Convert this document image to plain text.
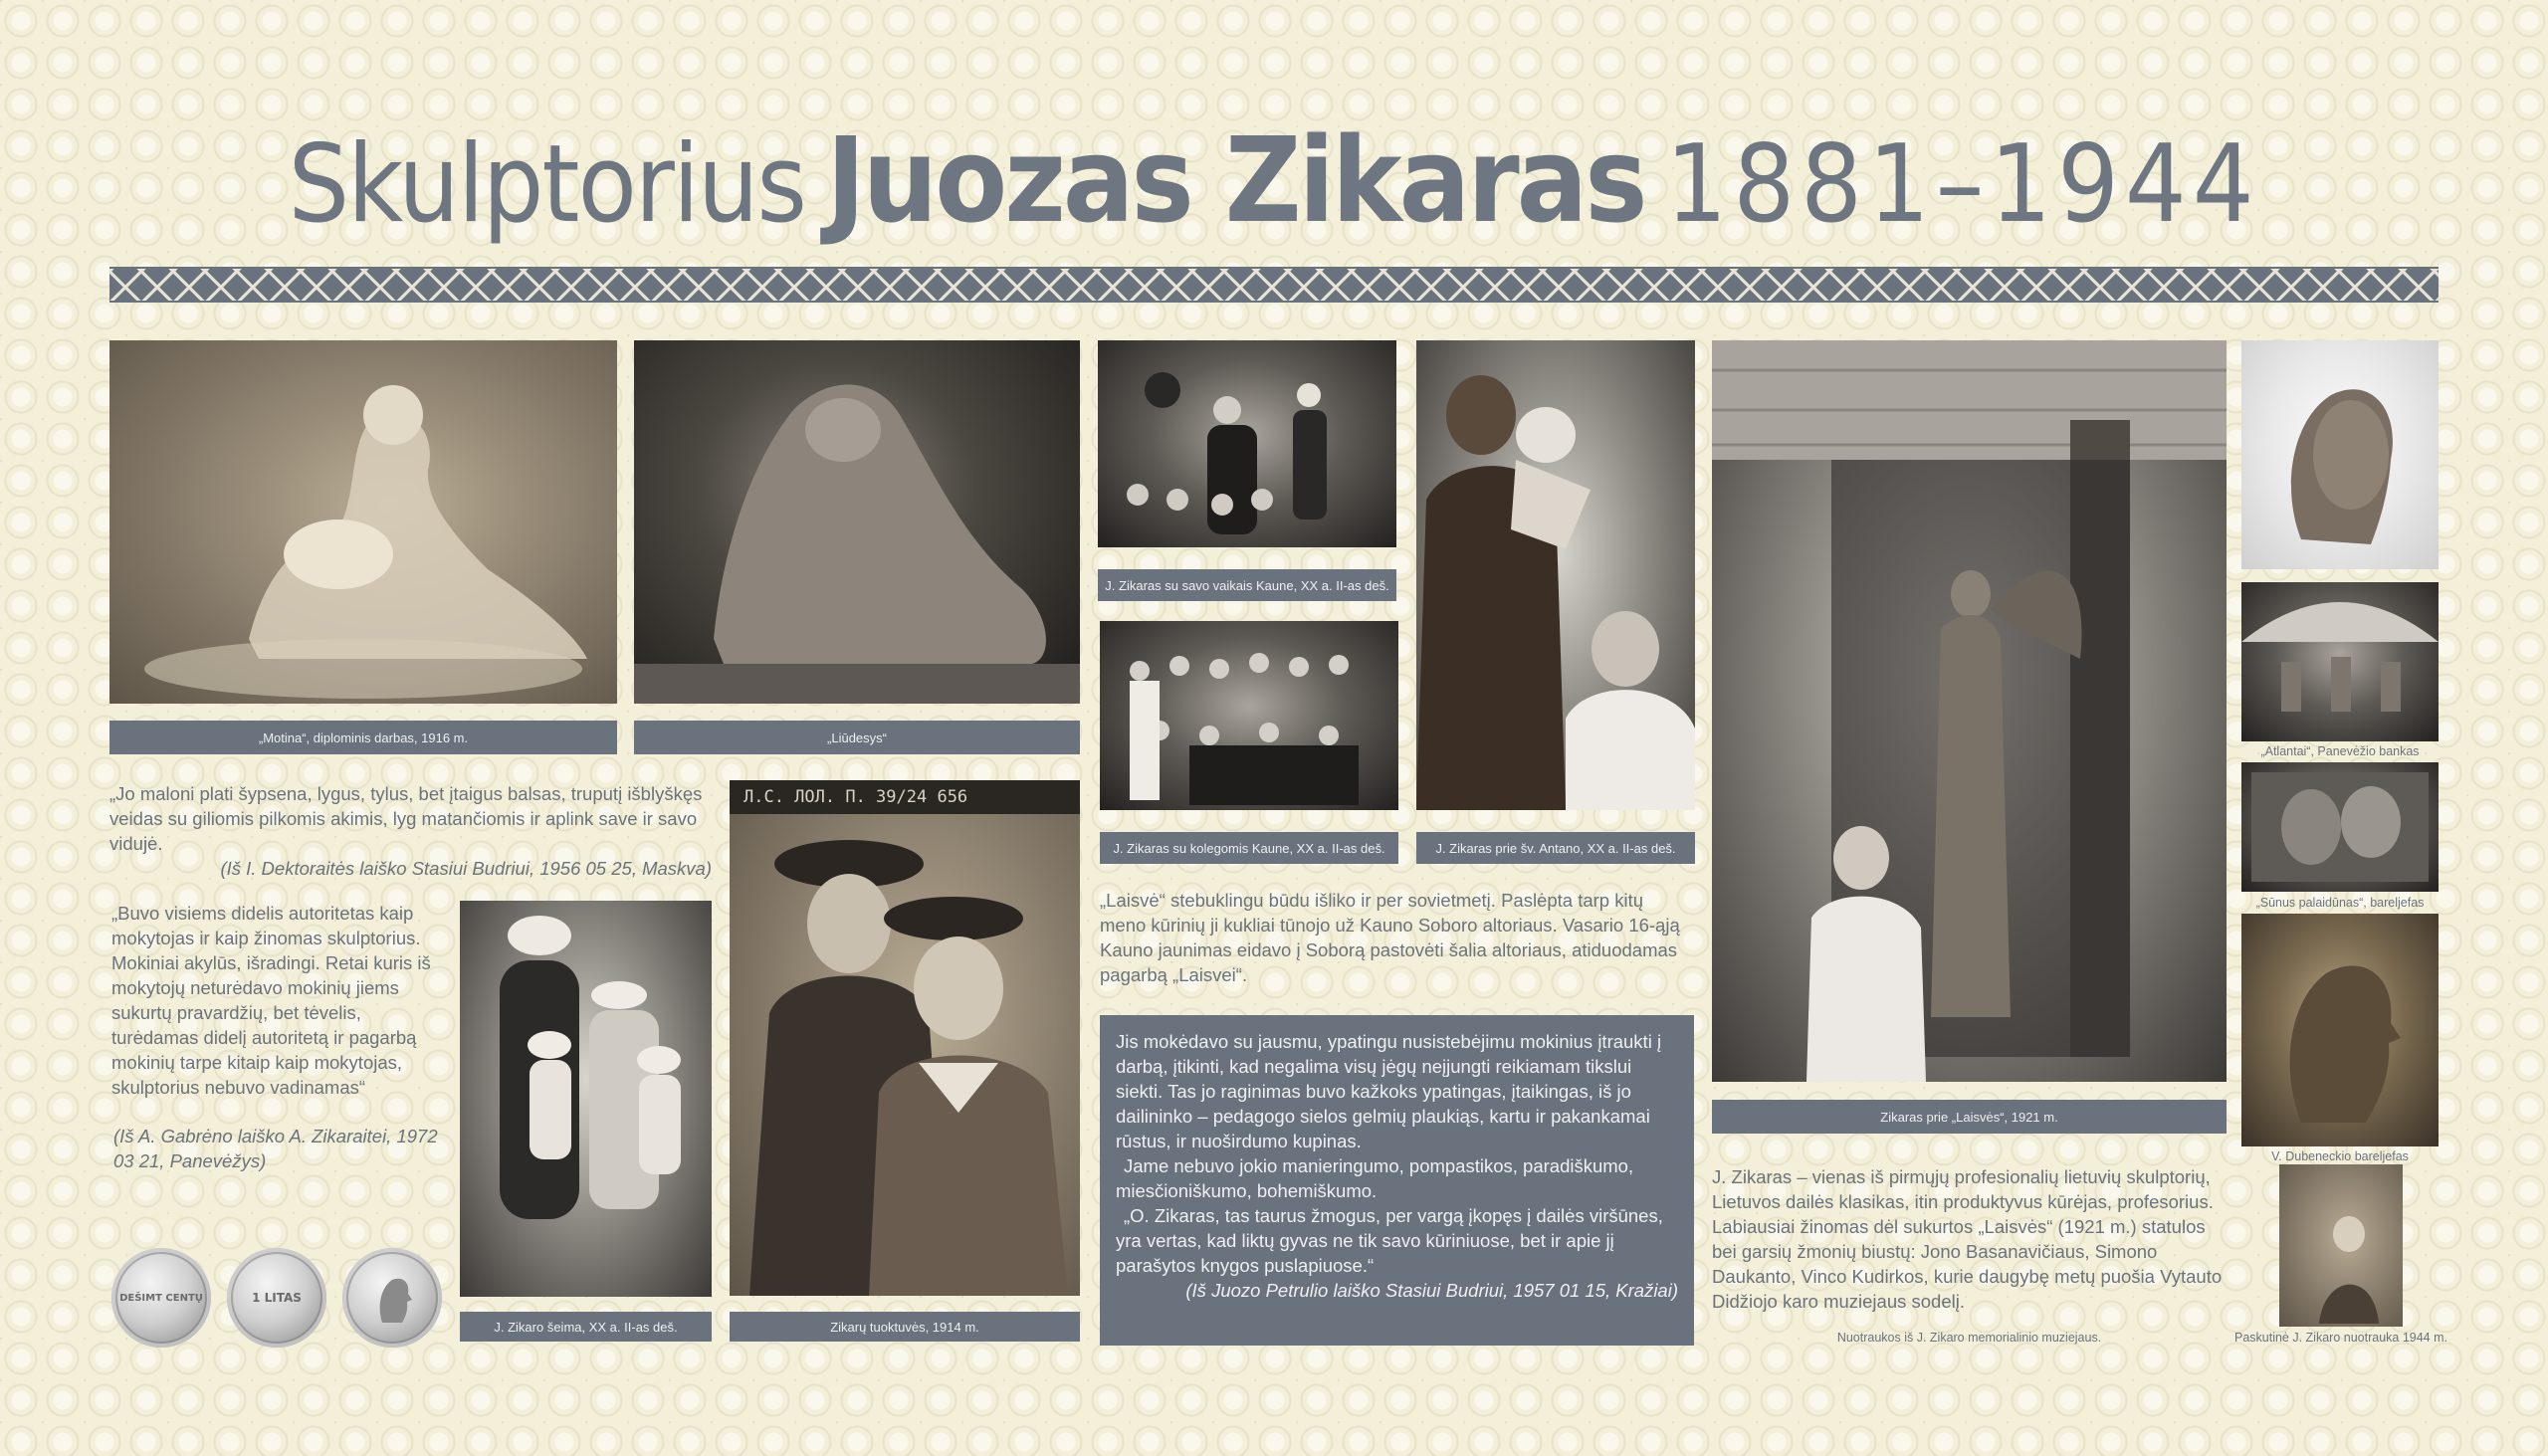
Skulptorius Juozas Zikaras 1881–1944
„Motina“, diplominis darbas, 1916 m.	„Liūdesys“

„Jo maloni plati šypsena, lygus, tylus, bet įtaigus balsas, truputį išblyškęs veidas su giliomis pilkomis akimis, lyg matančiomis ir aplink save ir savo vidujė.

(Iš I. Dektoraitės laiško Stasiui Budriui, 1956 05 25, Maskva)

„Buvo visiems didelis autoritetas kaip mokytojas ir kaip žinomas skulptorius. Mokiniai akylūs, išradingi. Retai kuris iš mokytojų neturėdavo mokinių jiems sukurtų pravardžių, bet tėvelis, turėdamas didelį autoritetą ir pagarbą mokinių tarpe kitaip kaip mokytojas, skulptorius nebuvo vadinamas“

(Iš A. Gabrėno laiško A. Zikaraitei, 1972 03 21, Panevėžys)

DEŠIMT CENTŲ	1 LITAS
J. Zikaro šeima, XX a. II-as deš.
Л.С. ЛОЛ. П. 39/24 656
Zikarų tuoktuvės, 1914 m.
J. Zikaras su savo vaikais Kaune, XX a. II-as deš.
J. Zikaras su kolegomis Kaune, XX a. II-as deš.	J. Zikaras prie šv. Antano, XX a. II-as deš.

„Laisvė“ stebuklingu būdu išliko ir per sovietmetį. Paslėpta tarp kitų meno kūrinių ji kukliai tūnojo už Kauno Soboro altoriaus. Vasario 16-ąją Kauno jaunimas eidavo į Soborą pastovėti šalia altoriaus, atiduodamas pagarbą „Laisvei“.

Jis mokėdavo su jausmu, ypatingu nusistebėjimu mokinius įtraukti į darbą, įtikinti, kad negalima visų jėgų neįjungti reikiamam tikslui siekti. Tas jo raginimas buvo kažkoks ypatingas, įtaikingas, iš jo dailininko – pedagogo sielos gelmių plaukiąs, kartu ir pakankamai rūstus, ir nuoširdumo kupinas.

Jame nebuvo jokio manieringumo, pompastikos, paradiškumo, miesčioniškumo, bohemiškumo.

„O. Zikaras, tas taurus žmogus, per vargą įkopęs į dailės viršūnes, yra vertas, kad liktų gyvas ne tik savo kūriniuose, bet ir apie jį parašytos knygos puslapiuose.“

(Iš Juozo Petrulio laiško Stasiui Budriui, 1957 01 15, Kražiai)

Zikaras prie „Laisvės“, 1921 m.

J. Zikaras – vienas iš pirmųjų profesionalių lietuvių skulptorių, Lietuvos dailės klasikas, itin produktyvus kūrėjas, profesorius. Labiausiai žinomas dėl sukurtos „Laisvės“ (1921 m.) statulos bei garsių žmonių biustų: Jono Basanavičiaus, Simono Daukanto, Vinco Kudirkos, kurie daugybę metų puošia Vytauto Didžiojo karo muziejaus sodelį.

Nuotraukos iš J. Zikaro memorialinio muziejaus.
„Atlantai“, Panevėžio bankas
„Sūnus palaidūnas“, bareljefas
V. Dubeneckio bareljefas
Paskutinė J. Zikaro nuotrauka 1944 m.
